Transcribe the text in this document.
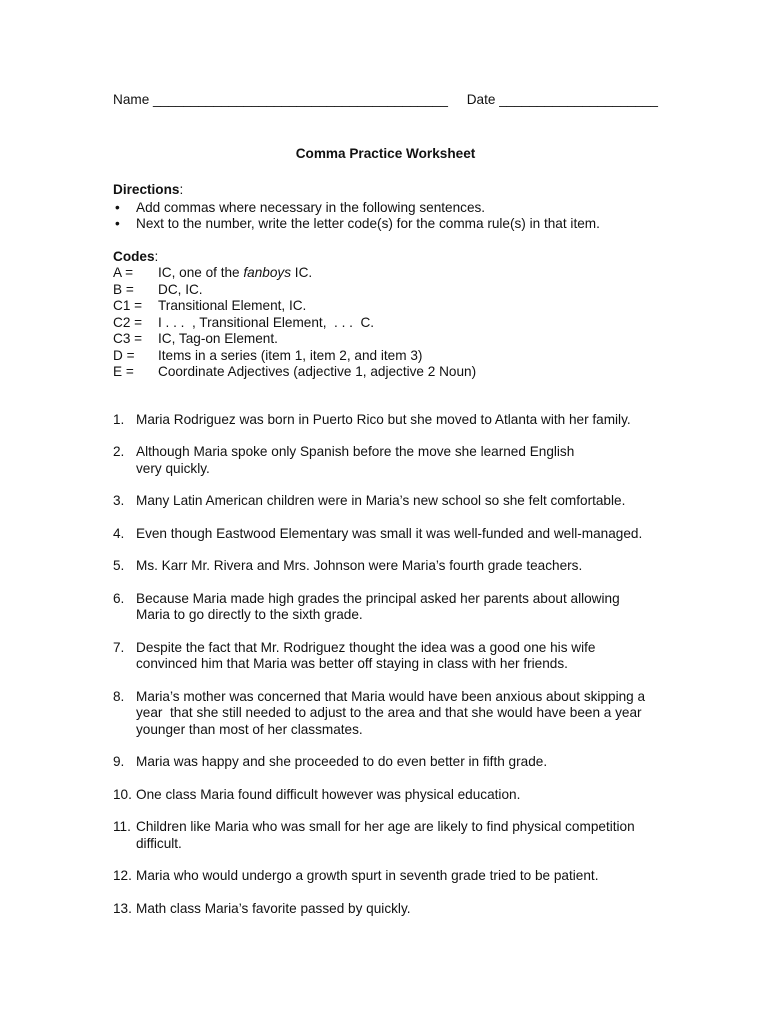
Name _______________________________________ Date _____________________
Comma Practice Worksheet
Directions:
• Add commas where necessary in the following sentences.
• Next to the number, write the letter code(s) for the comma rule(s) in that item.
Codes:
A =	IC, one of the fanboys IC.
B =	DC, IC.
C1 =	Transitional Element, IC.
C2 =	I . . .  , Transitional Element,  . . .  C.
C3 =	IC, Tag-on Element.
D =	Items in a series (item 1, item 2, and item 3)
E =	Coordinate Adjectives (adjective 1, adjective 2 Noun)
1. Maria Rodriguez was born in Puerto Rico but she moved to Atlanta with her family.
2. Although Maria spoke only Spanish before the move she learned English very quickly.
3. Many Latin American children were in Maria’s new school so she felt comfortable.
4. Even though Eastwood Elementary was small it was well-funded and well-managed.
5. Ms. Karr Mr. Rivera and Mrs. Johnson were Maria’s fourth grade teachers.
6. Because Maria made high grades the principal asked her parents about allowing Maria to go directly to the sixth grade.
7. Despite the fact that Mr. Rodriguez thought the idea was a good one his wife convinced him that Maria was better off staying in class with her friends.
8. Maria’s mother was concerned that Maria would have been anxious about skipping a year  that she still needed to adjust to the area and that she would have been a year younger than most of her classmates.
9. Maria was happy and she proceeded to do even better in fifth grade.
10. One class Maria found difficult however was physical education.
11. Children like Maria who was small for her age are likely to find physical competition difficult.
12. Maria who would undergo a growth spurt in seventh grade tried to be patient.
13. Math class Maria’s favorite passed by quickly.
